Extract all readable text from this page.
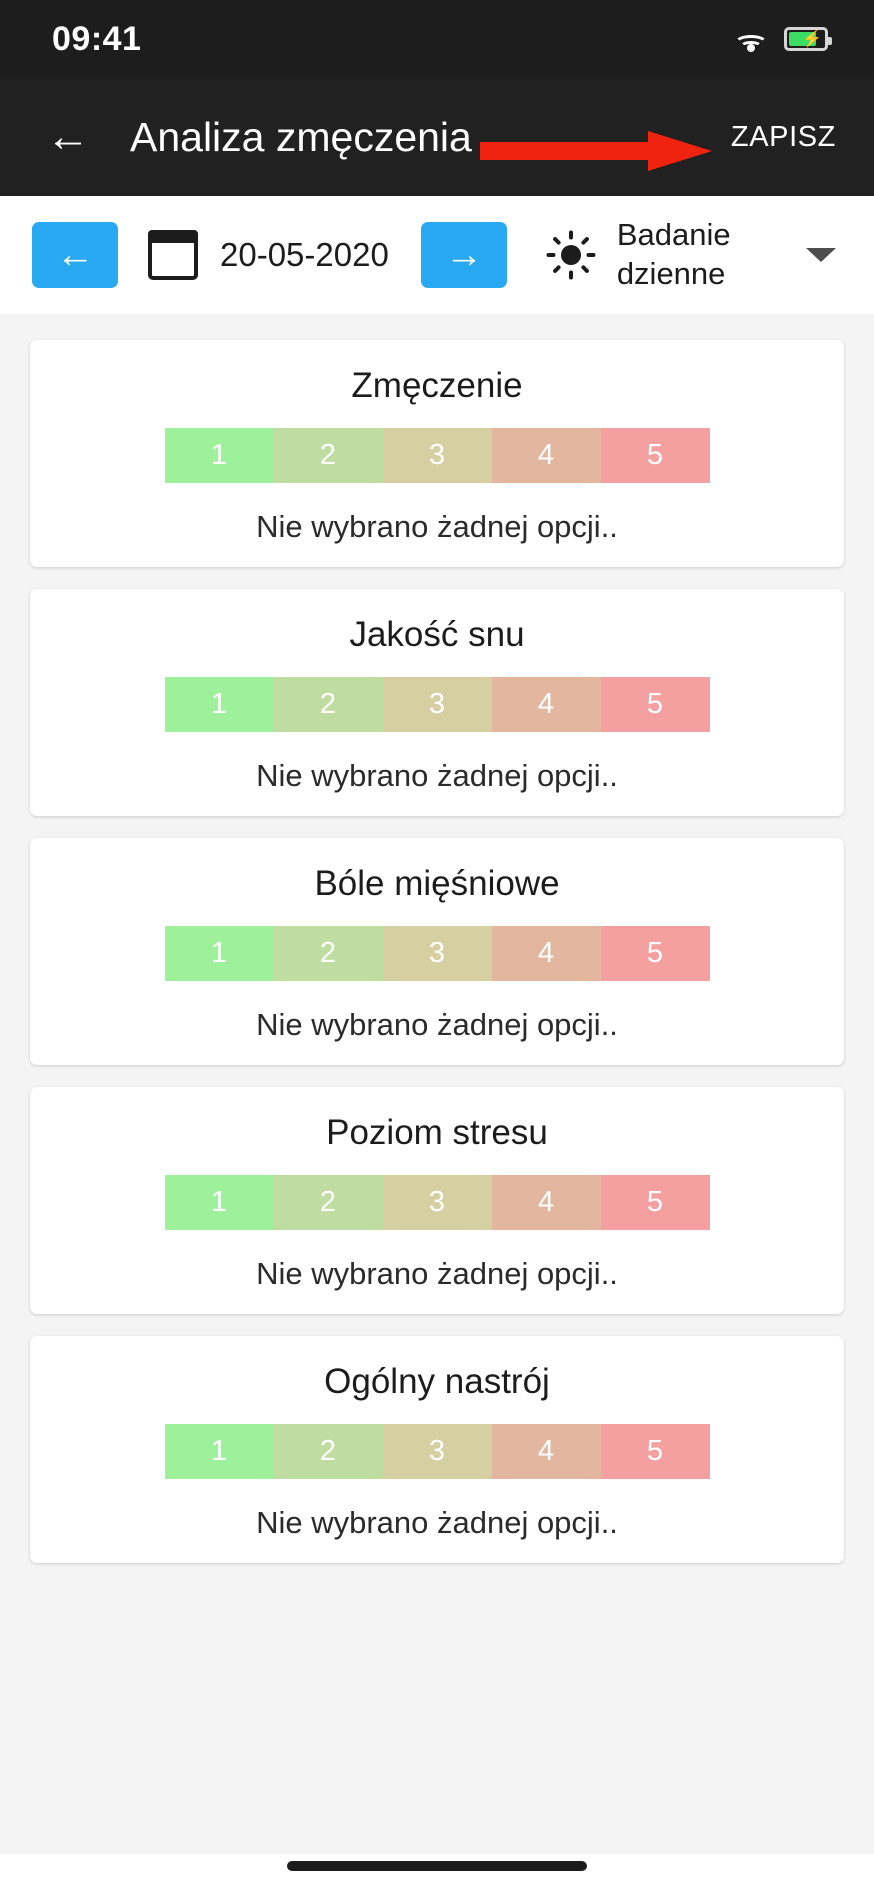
09:41	⚡
← Analiza zmęczenia	ZAPISZ
←	20-05-2020	→	Badanie dzienne
Zmęczenie
1	2	3	4	5
Nie wybrano żadnej opcji..
Jakość snu
1	2	3	4	5
Nie wybrano żadnej opcji..
Bóle mięśniowe
1	2	3	4	5
Nie wybrano żadnej opcji..
Poziom stresu
1	2	3	4	5
Nie wybrano żadnej opcji..
Ogólny nastrój
1	2	3	4	5
Nie wybrano żadnej opcji..
